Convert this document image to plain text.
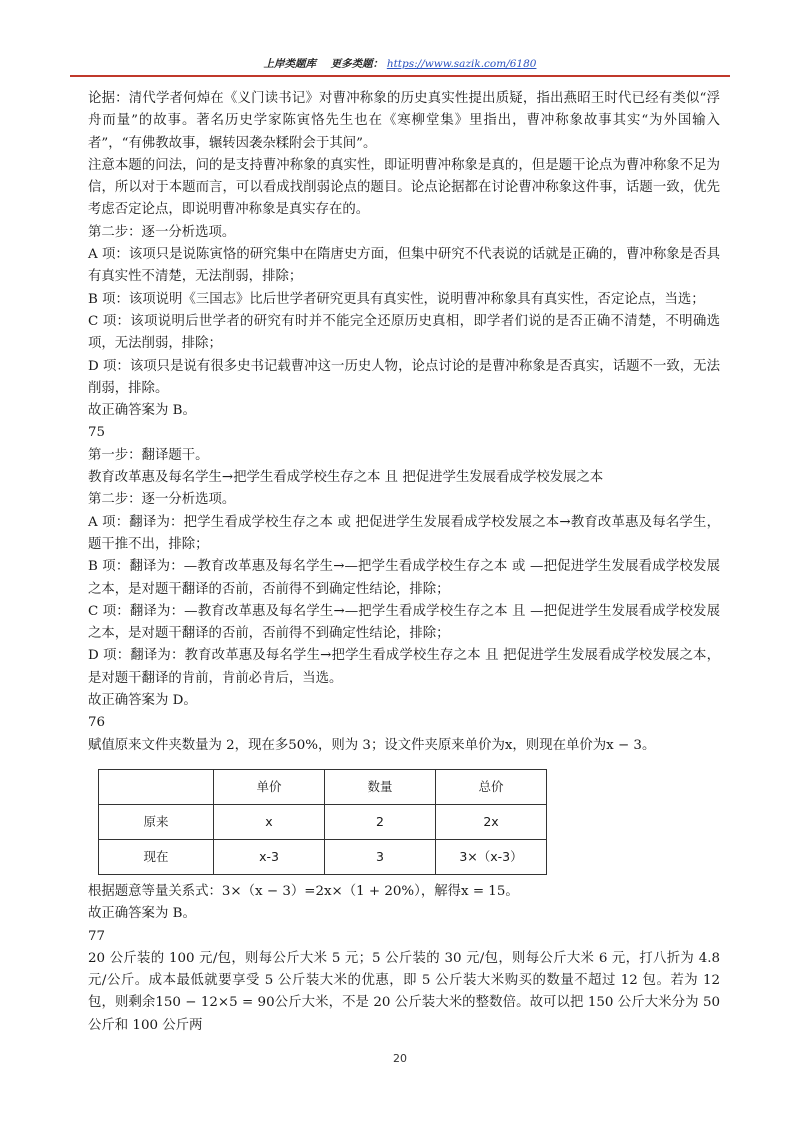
上岸类题库 更多类题： https://www.sazik.com/6180

论据：清代学者何焯在《义门读书记》对曹冲称象的历史真实性提出质疑，指出燕昭王时代已经有类似“浮舟而量”的故事。著名历史学家陈寅恪先生也在《寒柳堂集》里指出，曹冲称象故事其实“为外国输入者”，“有佛教故事，辗转因袭杂糅附会于其间”。

注意本题的问法，问的是支持曹冲称象的真实性，即证明曹冲称象是真的，但是题干论点为曹冲称象不足为信，所以对于本题而言，可以看成找削弱论点的题目。论点论据都在讨论曹冲称象这件事，话题一致，优先考虑否定论点，即说明曹冲称象是真实存在的。

第二步：逐一分析选项。

A 项：该项只是说陈寅恪的研究集中在隋唐史方面，但集中研究不代表说的话就是正确的，曹冲称象是否具有真实性不清楚，无法削弱，排除；

B 项：该项说明《三国志》比后世学者研究更具有真实性，说明曹冲称象具有真实性，否定论点，当选；

C 项：该项说明后世学者的研究有时并不能完全还原历史真相，即学者们说的是否正确不清楚，不明确选项，无法削弱，排除；

D 项：该项只是说有很多史书记载曹冲这一历史人物，论点讨论的是曹冲称象是否真实，话题不一致，无法削弱，排除。

故正确答案为 B。

75

第一步：翻译题干。

教育改革惠及每名学生→把学生看成学校生存之本 且 把促进学生发展看成学校发展之本

第二步：逐一分析选项。

A 项：翻译为：把学生看成学校生存之本 或 把促进学生发展看成学校发展之本→教育改革惠及每名学生，题干推不出，排除；

B 项：翻译为：—教育改革惠及每名学生→—把学生看成学校生存之本 或 —把促进学生发展看成学校发展之本，是对题干翻译的否前，否前得不到确定性结论，排除；

C 项：翻译为：—教育改革惠及每名学生→—把学生看成学校生存之本 且 —把促进学生发展看成学校发展之本，是对题干翻译的否前，否前得不到确定性结论，排除；

D 项：翻译为：教育改革惠及每名学生→把学生看成学校生存之本 且 把促进学生发展看成学校发展之本，是对题干翻译的肯前，肯前必肯后，当选。

故正确答案为 D。

76

赋值原来文件夹数量为 2，现在多50%，则为 3；设文件夹原来单价为x，则现在单价为x − 3。

	单价	数量	总价
原来	x	2	2x
现在	x-3	3	3×（x-3）

根据题意等量关系式：3×（x − 3）=2x×（1 + 20%），解得x = 15。

故正确答案为 B。

77

20 公斤装的 100 元/包，则每公斤大米 5 元；5 公斤装的 30 元/包，则每公斤大米 6 元，打八折为 4.8 元/公斤。成本最低就要享受 5 公斤装大米的优惠，即 5 公斤装大米购买的数量不超过 12 包。若为 12 包，则剩余150 − 12×5 = 90公斤大米，不是 20 公斤装大米的整数倍。故可以把 150 公斤大米分为 50 公斤和 100 公斤两

20
